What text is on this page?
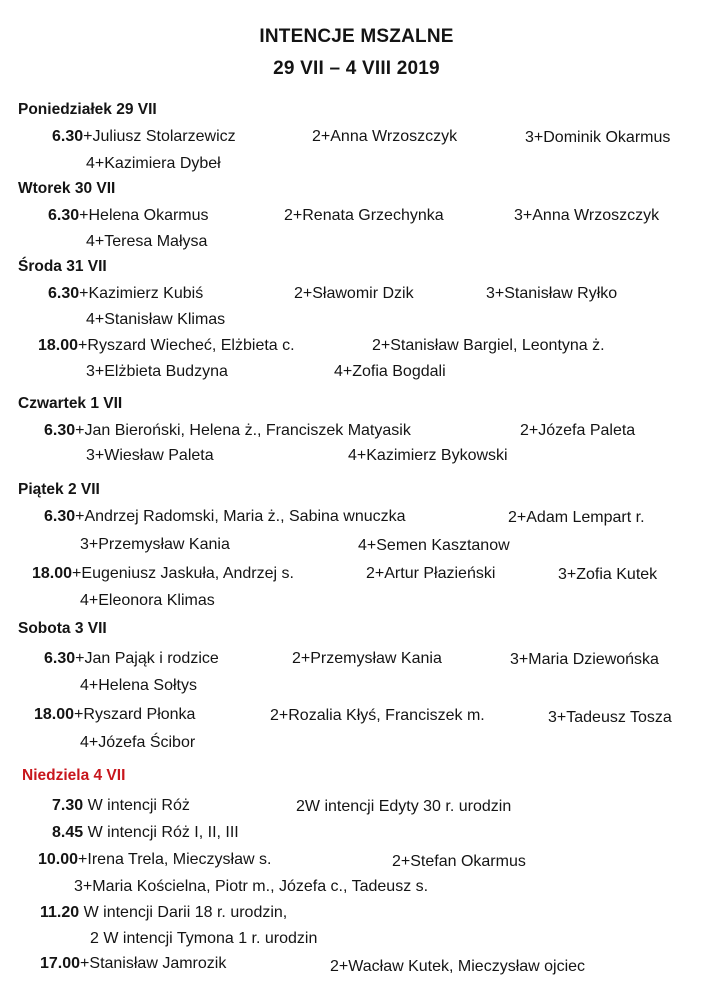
INTENCJE MSZALNE
29 VII – 4 VIII 2019
Poniedziałek 29 VII
6.30+Juliusz Stolarzewicz	2+Anna Wrzoszczyk	3+Dominik Okarmus
4+Kazimiera Dybeł
Wtorek 30 VII
6.30+Helena Okarmus	2+Renata Grzechynka	3+Anna Wrzoszczyk
4+Teresa Małysa
Środa 31 VII
6.30+Kazimierz Kubiś	2+Sławomir Dzik	3+Stanisław Ryłko
4+Stanisław Klimas
18.00+Ryszard Wiecheć, Elżbieta c.	2+Stanisław Bargiel, Leontyna ż.
3+Elżbieta Budzyna	4+Zofia Bogdali
Czwartek 1 VII
6.30+Jan Bieroński, Helena ż., Franciszek Matyasik	2+Józefa Paleta
3+Wiesław Paleta	4+Kazimierz Bykowski
Piątek 2 VII
6.30+Andrzej Radomski, Maria ż., Sabina wnuczka	2+Adam Lempart r.
3+Przemysław Kania	4+Semen Kasztanow
18.00+Eugeniusz Jaskuła, Andrzej s.	2+Artur Płazieński	3+Zofia Kutek
4+Eleonora Klimas
Sobota 3 VII
6.30+Jan Pająk i rodzice	2+Przemysław Kania	3+Maria Dziewońska
4+Helena Sołtys
18.00+Ryszard Płonka	2+Rozalia Kłyś, Franciszek m.	3+Tadeusz Tosza
4+Józefa Ścibor
Niedziela 4 VII
7.30 W intencji Róż	2W intencji Edyty 30 r. urodzin
8.45 W intencji Róż I, II, III
10.00+Irena Trela, Mieczysław s.	2+Stefan Okarmus
3+Maria Kościelna, Piotr m., Józefa c., Tadeusz s.
11.20 W intencji Darii 18 r. urodzin,
2 W intencji Tymona 1 r. urodzin
17.00+Stanisław Jamrozik	2+Wacław Kutek, Mieczysław ojciec
